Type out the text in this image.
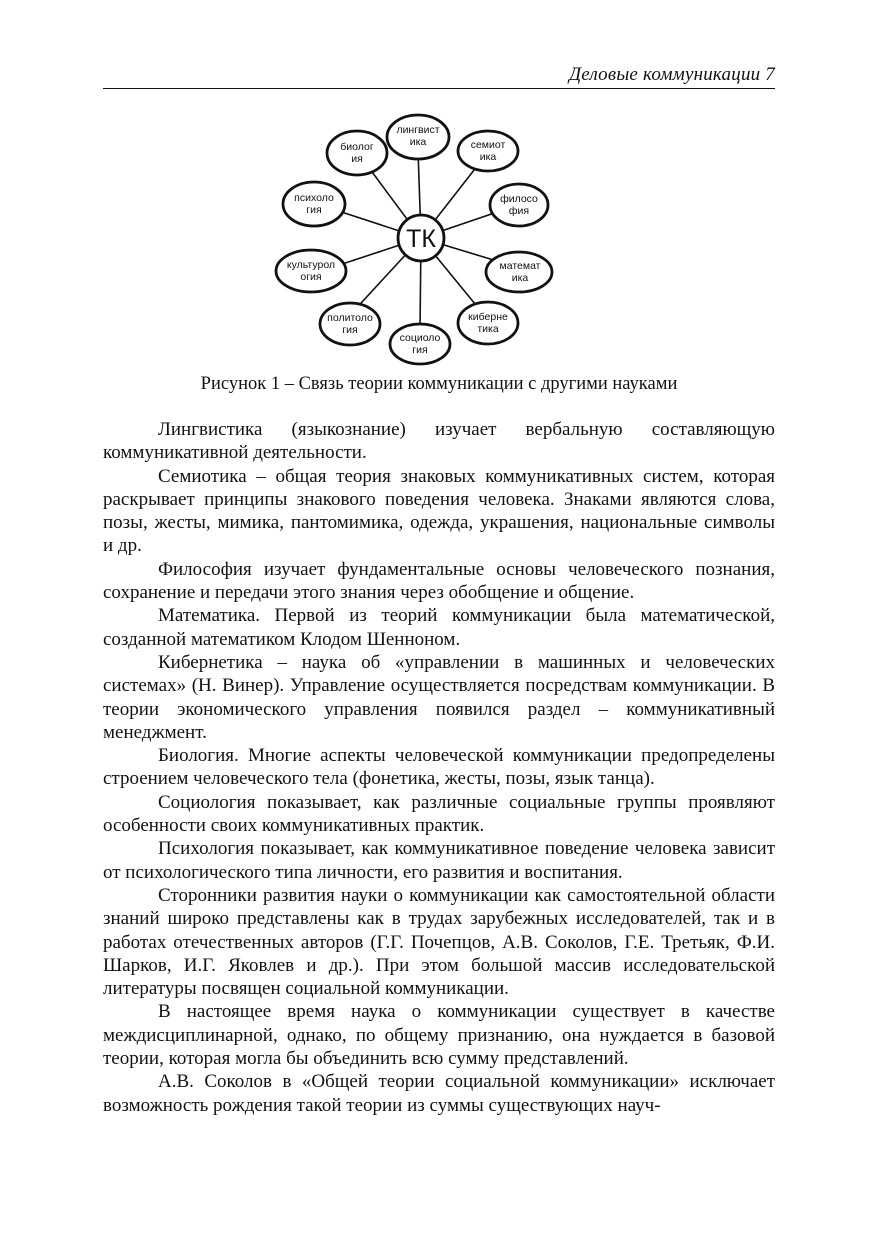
Деловые коммуникации 7
ТК
лингвист
ика	семиот
ика
филосо
фия
математ
ика
киберне
тика
социоло
гия
политоло
гия
культурол
огия
психоло
гия
биолог
ия
Рисунок 1 – Связь теории коммуникации с другими науками

Лингвистика (языкознание) изучает вербальную составляющую коммуникативной деятельности.

Семиотика – общая теория знаковых коммуникативных систем, которая раскрывает принципы знакового поведения человека. Знаками являются слова, позы, жесты, мимика, пантомимика, одежда, украшения, национальные символы и др.

Философия изучает фундаментальные основы человеческого познания, сохранение и передачи этого знания через обобщение и общение.

Математика. Первой из теорий коммуникации была математической, созданной математиком Клодом Шенноном.

Кибернетика – наука об «управлении в машинных и человеческих системах» (Н. Винер). Управление осуществляется посредствам коммуникации. В теории экономического управления появился раздел – коммуникативный менеджмент.

Биология. Многие аспекты человеческой коммуникации предопределены строением человеческого тела (фонетика, жесты, позы, язык танца).

Социология показывает, как различные социальные группы проявляют особенности своих коммуникативных практик.

Психология показывает, как коммуникативное поведение человека зависит от психологического типа личности, его развития и воспитания.

Сторонники развития науки о коммуникации как самостоятельной области знаний широко представлены как в трудах зарубежных исследователей, так и в работах отечественных авторов (Г.Г. Почепцов, А.В. Соколов, Г.Е. Третьяк, Ф.И. Шарков, И.Г. Яковлев и др.). При этом большой массив исследовательской литературы посвящен социальной коммуникации.

В настоящее время наука о коммуникации существует в качестве междисциплинарной, однако, по общему признанию, она нуждается в базовой теории, которая могла бы объединить всю сумму представлений.

А.В. Соколов в «Общей теории социальной коммуникации» исключает возможность рождения такой теории из суммы существующих науч-
